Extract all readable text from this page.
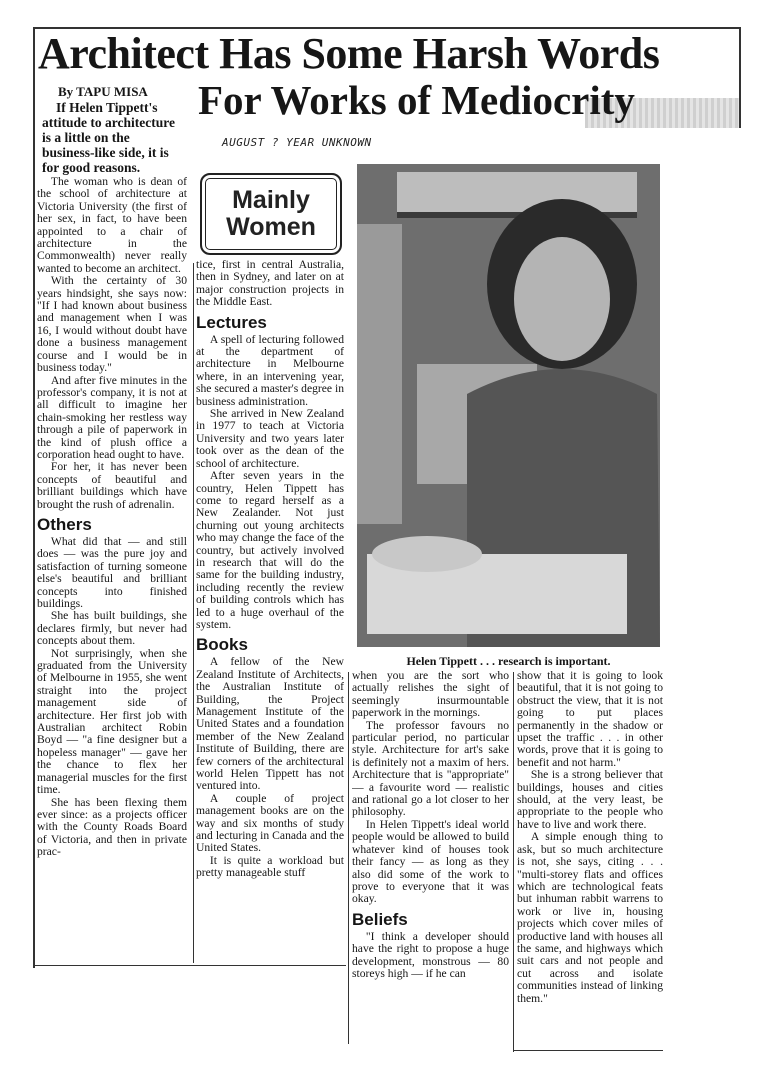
Architect Has Some Harsh Words
For Works of Mediocrity
By TAPU MISA
If Helen Tippett's attitude to architecture is a little on the business-like side, it is for good reasons.
AUGUST ? YEAR UNKNOWN
Mainly
Women
Helen Tippett . . . research is important.

The woman who is dean of the school of architecture at Victoria University (the first of her sex, in fact, to have been appointed to a chair of architecture in the Commonwealth) never really wanted to become an architect.

With the certainty of 30 years hindsight, she says now: "If I had known about business and management when I was 16, I would without doubt have done a business management course and I would be in business today."

And after five minutes in the professor's company, it is not at all difficult to imagine her chain-smoking her restless way through a pile of paperwork in the kind of plush office a corporation head ought to have.

For her, it has never been concepts of beautiful and brilliant buildings which have brought the rush of adrenalin.

Others

What did that — and still does — was the pure joy and satisfaction of turning someone else's beautiful and brilliant concepts into finished buildings.

She has built buildings, she declares firmly, but never had concepts about them.

Not surprisingly, when she graduated from the University of Melbourne in 1955, she went straight into the project management side of architecture. Her first job with Australian architect Robin Boyd — "a fine designer but a hopeless manager" — gave her the chance to flex her managerial muscles for the first time.

She has been flexing them ever since: as a projects officer with the County Roads Board of Victoria, and then in private prac-

tice, first in central Australia, then in Sydney, and later on at major construction projects in the Middle East.

Lectures

A spell of lecturing followed at the department of architecture in Melbourne where, in an intervening year, she secured a master's degree in business administration.

She arrived in New Zealand in 1977 to teach at Victoria University and two years later took over as the dean of the school of architecture.

After seven years in the country, Helen Tippett has come to regard herself as a New Zealander. Not just churning out young architects who may change the face of the country, but actively involved in research that will do the same for the building industry, including recently the review of building controls which has led to a huge overhaul of the system.

Books

A fellow of the New Zealand Institute of Architects, the Australian Institute of Building, the Project Management Institute of the United States and a foundation member of the New Zealand Institute of Building, there are few corners of the architectural world Helen Tippett has not ventured into.

A couple of project management books are on the way and six months of study and lecturing in Canada and the United States.

It is quite a workload but pretty manageable stuff

when you are the sort who actually relishes the sight of seemingly insurmountable paperwork in the mornings.

The professor favours no particular period, no particular style. Architecture for art's sake is definitely not a maxim of hers. Architecture that is "appropriate" — a favourite word — realistic and rational go a lot closer to her philosophy.

In Helen Tippett's ideal world people would be allowed to build whatever kind of houses took their fancy — as long as they also did some of the work to prove to everyone that it was okay.

Beliefs

"I think a developer should have the right to propose a huge development, monstrous — 80 storeys high — if he can

show that it is going to look beautiful, that it is not going to obstruct the view, that it is not going to put places permanently in the shadow or upset the traffic . . . in other words, prove that it is going to benefit and not harm."

She is a strong believer that buildings, houses and cities should, at the very least, be appropriate to the people who have to live and work there.

A simple enough thing to ask, but so much architecture is not, she says, citing . . . "multi-storey flats and offices which are technological feats but inhuman rabbit warrens to work or live in, housing projects which cover miles of productive land with houses all the same, and highways which suit cars and not people and cut across and isolate communities instead of linking them."
